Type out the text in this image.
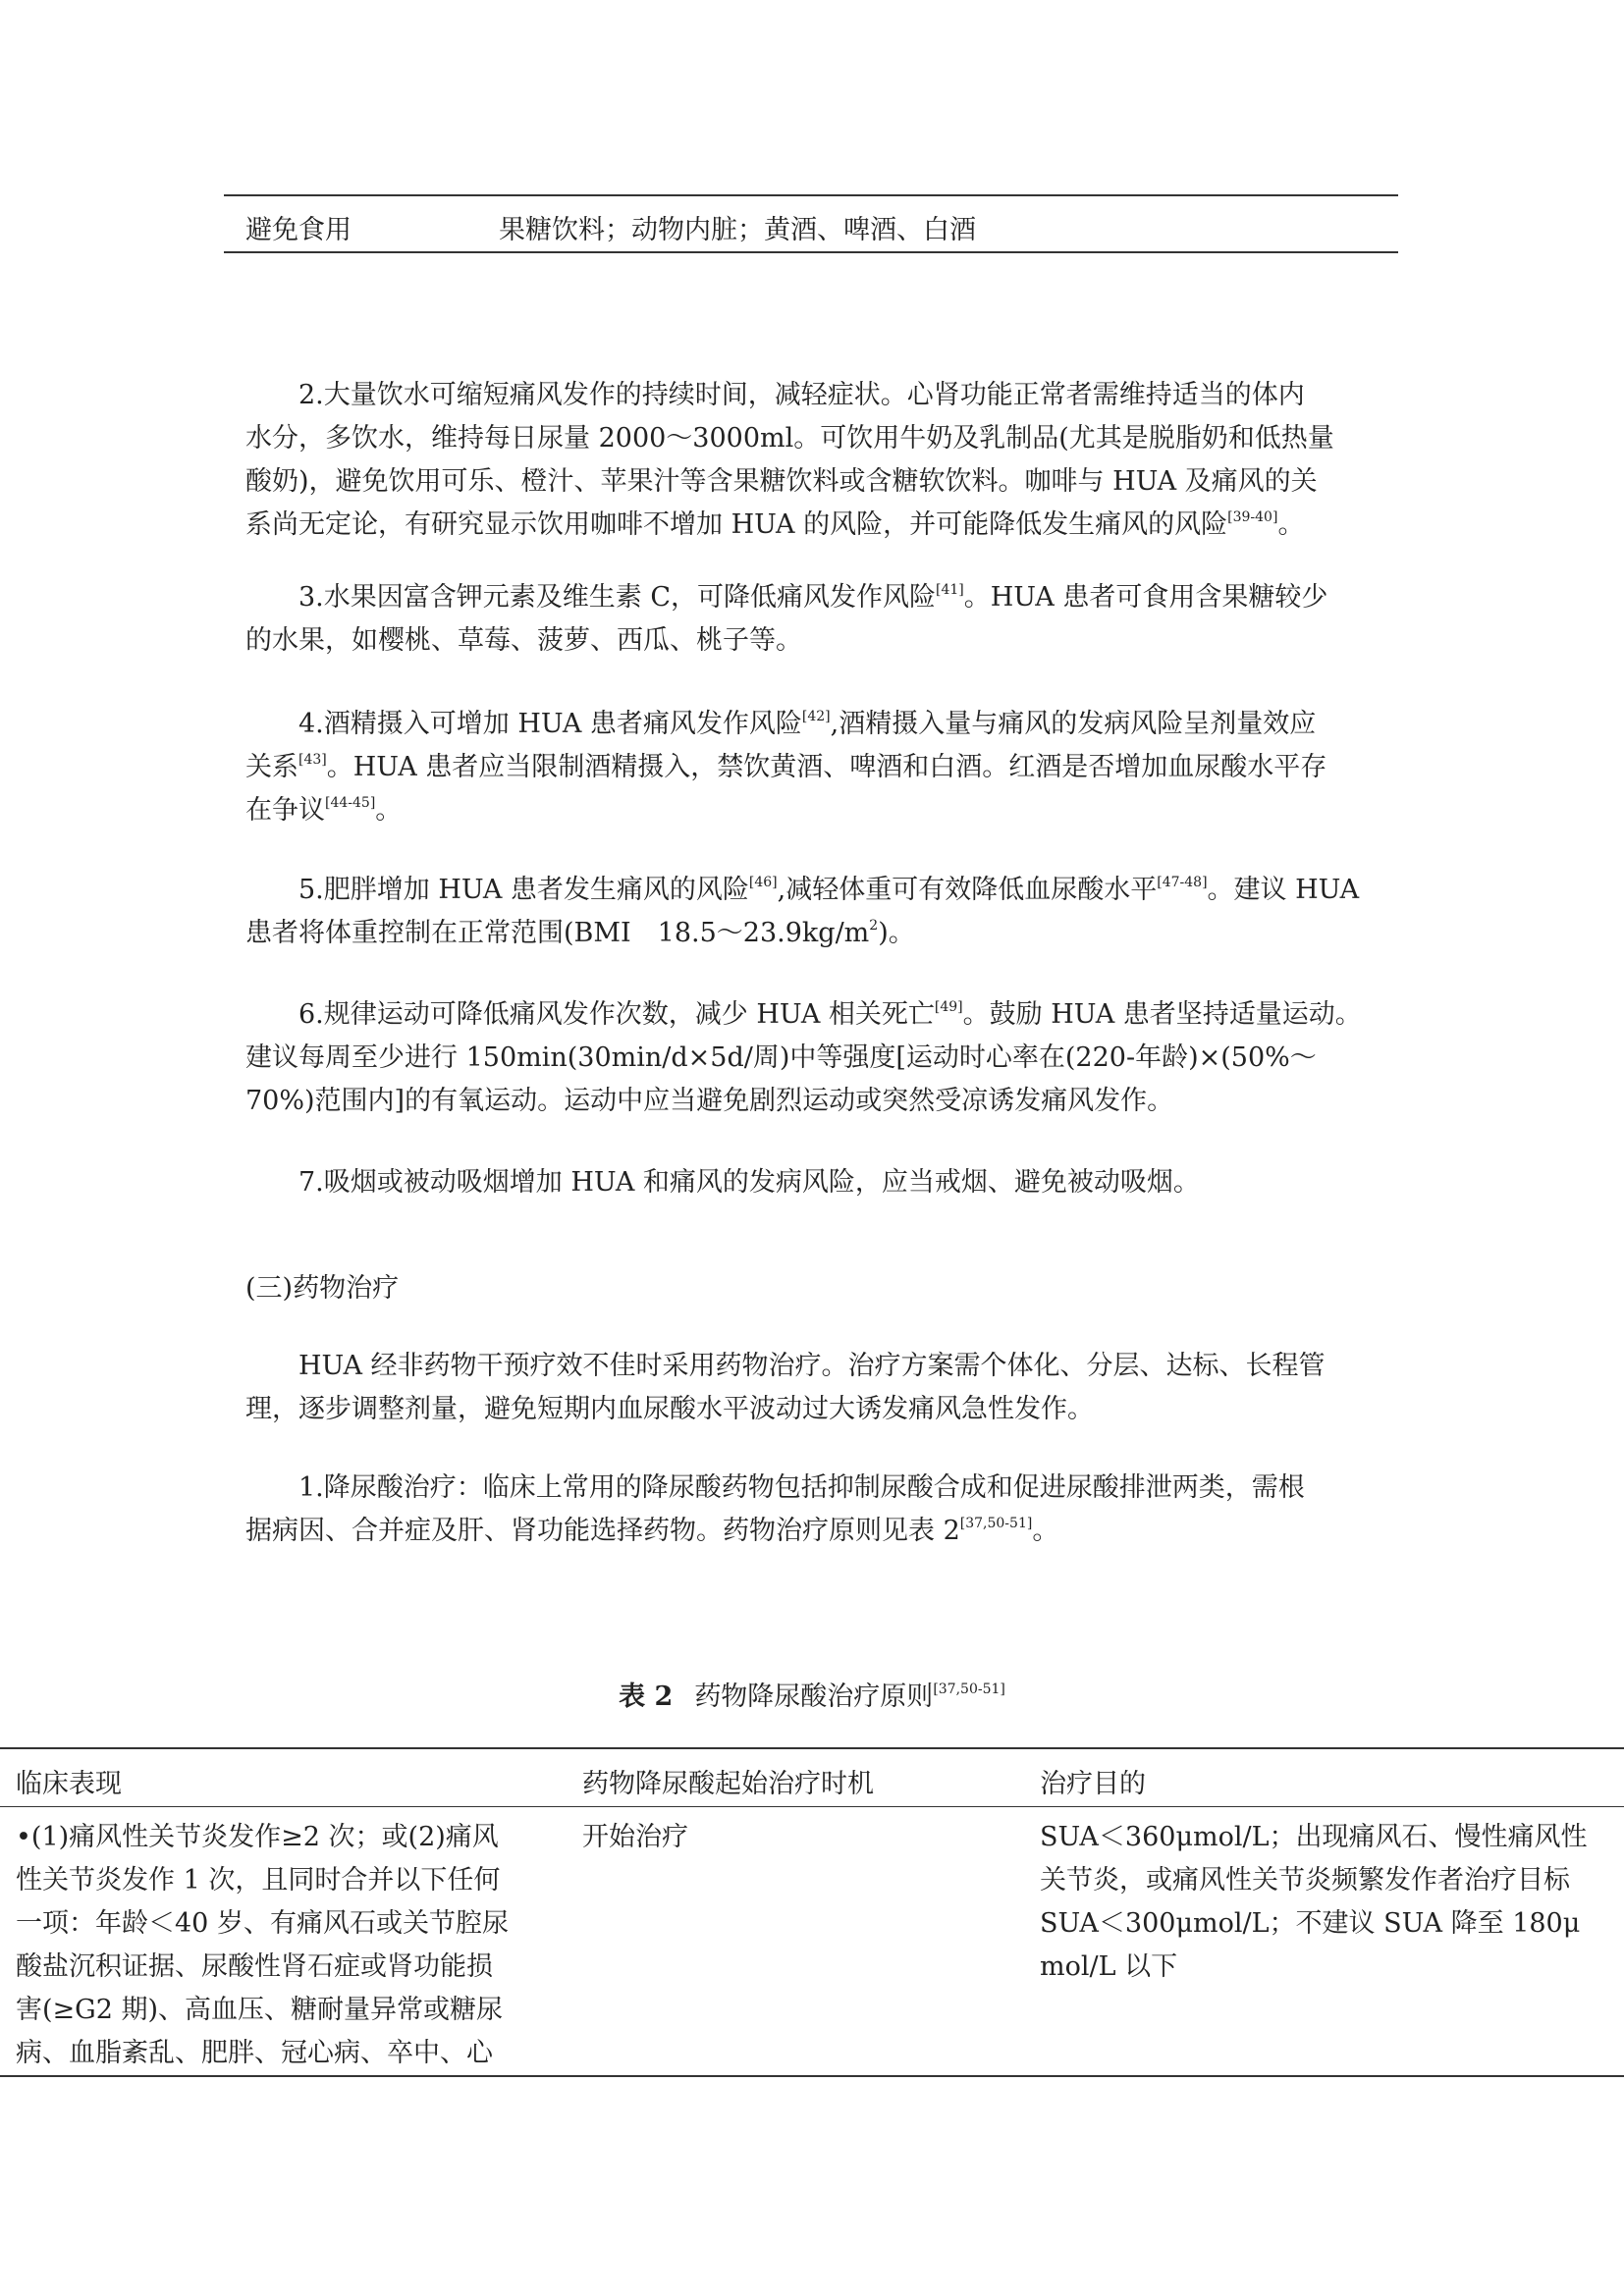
避免食用	果糖饮料；动物内脏；黄酒、啤酒、白酒

2.大量饮水可缩短痛风发作的持续时间，减轻症状。心肾功能正常者需维持适当的体内
水分，多饮水，维持每日尿量 2000～3000ml。可饮用牛奶及乳制品(尤其是脱脂奶和低热量
酸奶)，避免饮用可乐、橙汁、苹果汁等含果糖饮料或含糖软饮料。咖啡与 HUA 及痛风的关
系尚无定论，有研究显示饮用咖啡不增加 HUA 的风险，并可能降低发生痛风的风险[39-40]。

3.水果因富含钾元素及维生素 C，可降低痛风发作风险[41]。HUA 患者可食用含果糖较少
的水果，如樱桃、草莓、菠萝、西瓜、桃子等。

4.酒精摄入可增加 HUA 患者痛风发作风险[42],酒精摄入量与痛风的发病风险呈剂量效应
关系[43]。HUA 患者应当限制酒精摄入，禁饮黄酒、啤酒和白酒。红酒是否增加血尿酸水平存
在争议[44-45]。

5.肥胖增加 HUA 患者发生痛风的风险[46],减轻体重可有效降低血尿酸水平[47-48]。建议 HUA
患者将体重控制在正常范围(BMI　$18.5\sim 23.9kg/m^2$)。

6.规律运动可降低痛风发作次数，减少 HUA 相关死亡[49]。鼓励 HUA 患者坚持适量运动。
建议每周至少进行 150min(30min/d×5d/周)中等强度[运动时心率在(220-年龄)×(50%～
70%)范围内]的有氧运动。运动中应当避免剧烈运动或突然受凉诱发痛风发作。

7.吸烟或被动吸烟增加 HUA 和痛风的发病风险，应当戒烟、避免被动吸烟。

(三)药物治疗

HUA 经非药物干预疗效不佳时采用药物治疗。治疗方案需个体化、分层、达标、长程管
理，逐步调整剂量，避免短期内血尿酸水平波动过大诱发痛风急性发作。

1.降尿酸治疗：临床上常用的降尿酸药物包括抑制尿酸合成和促进尿酸排泄两类，需根
据病因、合并症及肝、肾功能选择药物。药物治疗原则见表 2[37,50-51]。

表 2 药物降尿酸治疗原则[37,50-51]
临床表现	药物降尿酸起始治疗时机	治疗目的
•(1)痛风性关节炎发作≥2 次；或(2)痛风
性关节炎发作 1 次，且同时合并以下任何
一项：年龄＜40 岁、有痛风石或关节腔尿
酸盐沉积证据、尿酸性肾石症或肾功能损
害(≥G2 期)、高血压、糖耐量异常或糖尿
病、血脂紊乱、肥胖、冠心病、卒中、心
开始治疗	SUA＜360μmol/L；出现痛风石、慢性痛风性
关节炎，或痛风性关节炎频繁发作者治疗目标
SUA＜300μmol/L；不建议 SUA 降至 180μ
mol/L 以下
